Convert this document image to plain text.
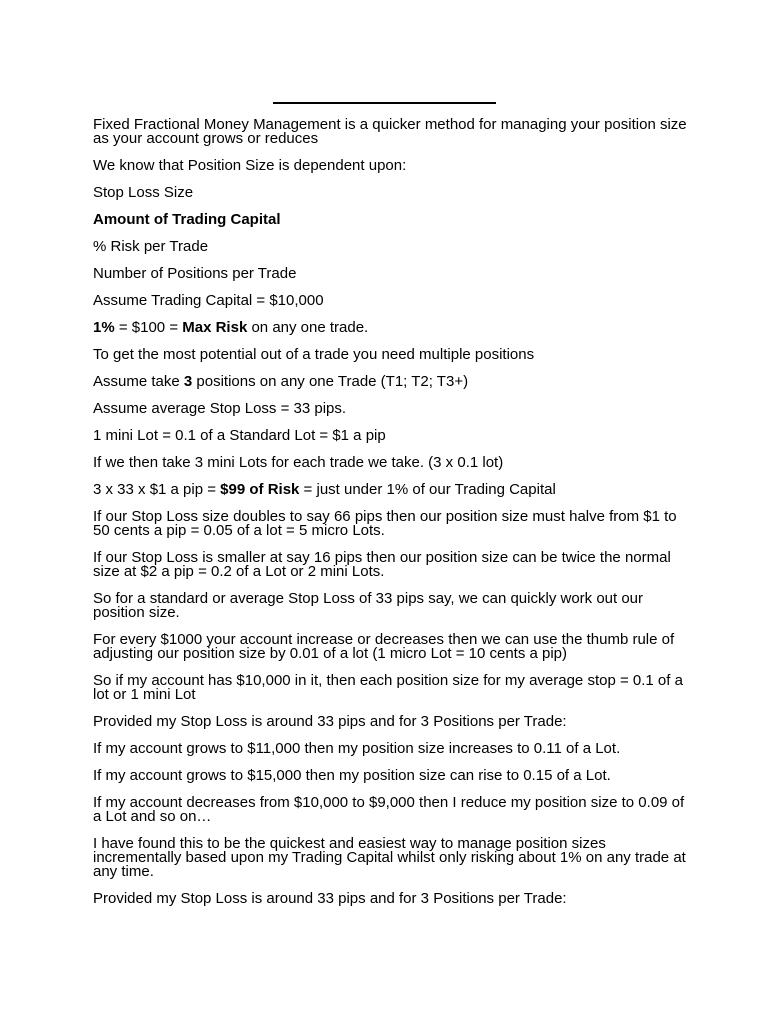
Fixed Fractional Money Management is a quicker method for managing your position size as your account grows or reduces

We know that Position Size is dependent upon:

Stop Loss Size

Amount of Trading Capital

% Risk per Trade

Number of Positions per Trade

Assume Trading Capital = $10,000

1% = $100 = Max Risk on any one trade.

To get the most potential out of a trade you need multiple positions

Assume take 3 positions on any one Trade (T1; T2; T3+)

Assume average Stop Loss = 33 pips.

1 mini Lot = 0.1 of a Standard Lot = $1 a pip

If we then take 3 mini Lots for each trade we take. (3 x 0.1 lot)

3 x 33 x $1 a pip = $99 of Risk = just under 1% of our Trading Capital

If our Stop Loss size doubles to say 66 pips then our position size must halve from $1 to 50 cents a pip = 0.05 of a lot = 5 micro Lots.

If our Stop Loss is smaller at say 16 pips then our position size can be twice the normal size at $2 a pip = 0.2 of a Lot or 2 mini Lots.

So for a standard or average Stop Loss of 33 pips say, we can quickly work out our position size.

For every $1000 your account increase or decreases then we can use the thumb rule of adjusting our position size by 0.01 of a lot (1 micro Lot = 10 cents a pip)

So if my account has $10,000 in it, then each position size for my average stop = 0.1 of a lot or 1 mini Lot

Provided my Stop Loss is around 33 pips and for 3 Positions per Trade:

If my account grows to $11,000 then my position size increases to 0.11 of a Lot.

If my account grows to $15,000 then my position size can rise to 0.15 of a Lot.

If my account decreases from $10,000 to $9,000 then I reduce my position size to 0.09 of a Lot and so on…

I have found this to be the quickest and easiest way to manage position sizes incrementally based upon my Trading Capital whilst only risking about 1% on any trade at any time.

Provided my Stop Loss is around 33 pips and for 3 Positions per Trade:
